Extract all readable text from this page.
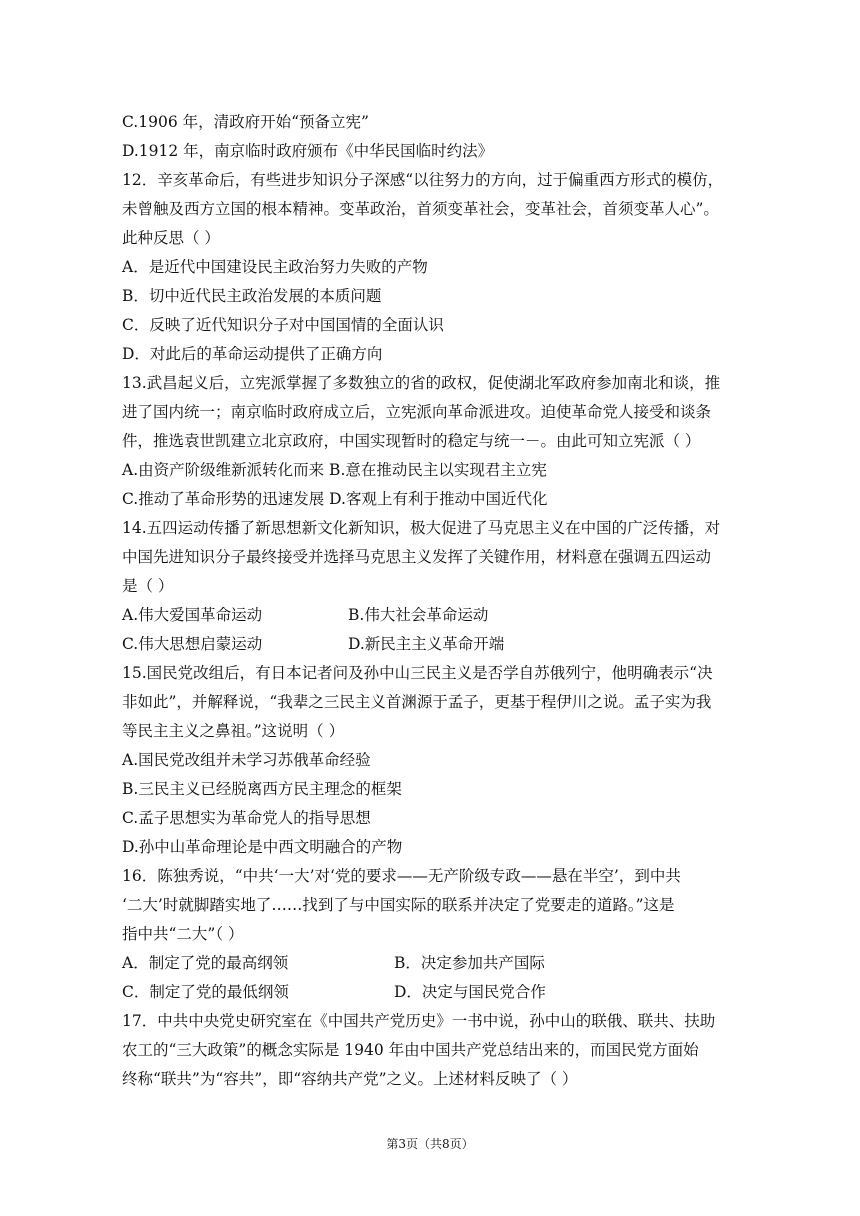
C.1906 年，清政府开始“预备立宪”
D.1912 年，南京临时政府颁布《中华民国临时约法》
12．辛亥革命后，有些进步知识分子深感“以往努力的方向，过于偏重西方形式的模仿，
未曾触及西方立国的根本精神。变革政治，首须变革社会，变革社会，首须变革人心”。
此种反思（ ）
A．是近代中国建设民主政治努力失败的产物
B．切中近代民主政治发展的本质问题
C．反映了近代知识分子对中国国情的全面认识
D．对此后的革命运动提供了正确方向
13.武昌起义后，立宪派掌握了多数独立的省的政权，促使湖北军政府参加南北和谈，推
进了国内统一；南京临时政府成立后，立宪派向革命派进攻。迫使革命党人接受和谈条
件，推选袁世凯建立北京政府，中国实现暂时的稳定与统一－。由此可知立宪派（ ）
A.由资产阶级维新派转化而来 B.意在推动民主以实现君主立宪
C.推动了革命形势的迅速发展 D.客观上有利于推动中国近代化
14.五四运动传播了新思想新文化新知识，极大促进了马克思主义在中国的广泛传播，对
中国先进知识分子最终接受并选择马克思主义发挥了关键作用，材料意在强调五四运动
是（ ）
A.伟大爱国革命运动	B.伟大社会革命运动
C.伟大思想启蒙运动	D.新民主主义革命开端
15.国民党改组后，有日本记者问及孙中山三民主义是否学自苏俄列宁，他明确表示“决
非如此”，并解释说，“我辈之三民主义首渊源于孟子，更基于程伊川之说。孟子实为我
等民主主义之鼻祖。”这说明（ ）
A.国民党改组并未学习苏俄革命经验
B.三民主义已经脱离西方民主理念的框架
C.孟子思想实为革命党人的指导思想
D.孙中山革命理论是中西文明融合的产物
16．陈独秀说，“中共‘一大’对‘党的要求——无产阶级专政——悬在半空’，到中共
‘二大’时就脚踏实地了……找到了与中国实际的联系并决定了党要走的道路。”这是
指中共“二大”（ ）
A．制定了党的最高纲领	B．决定参加共产国际
C．制定了党的最低纲领	D．决定与国民党合作
17．中共中央党史研究室在《中国共产党历史》一书中说，孙中山的联俄、联共、扶助
农工的“三大政策”的概念实际是 1940 年由中国共产党总结出来的，而国民党方面始
终称“联共”为“容共”，即“容纳共产党”之义。上述材料反映了（ ）
第3页（共8页）
